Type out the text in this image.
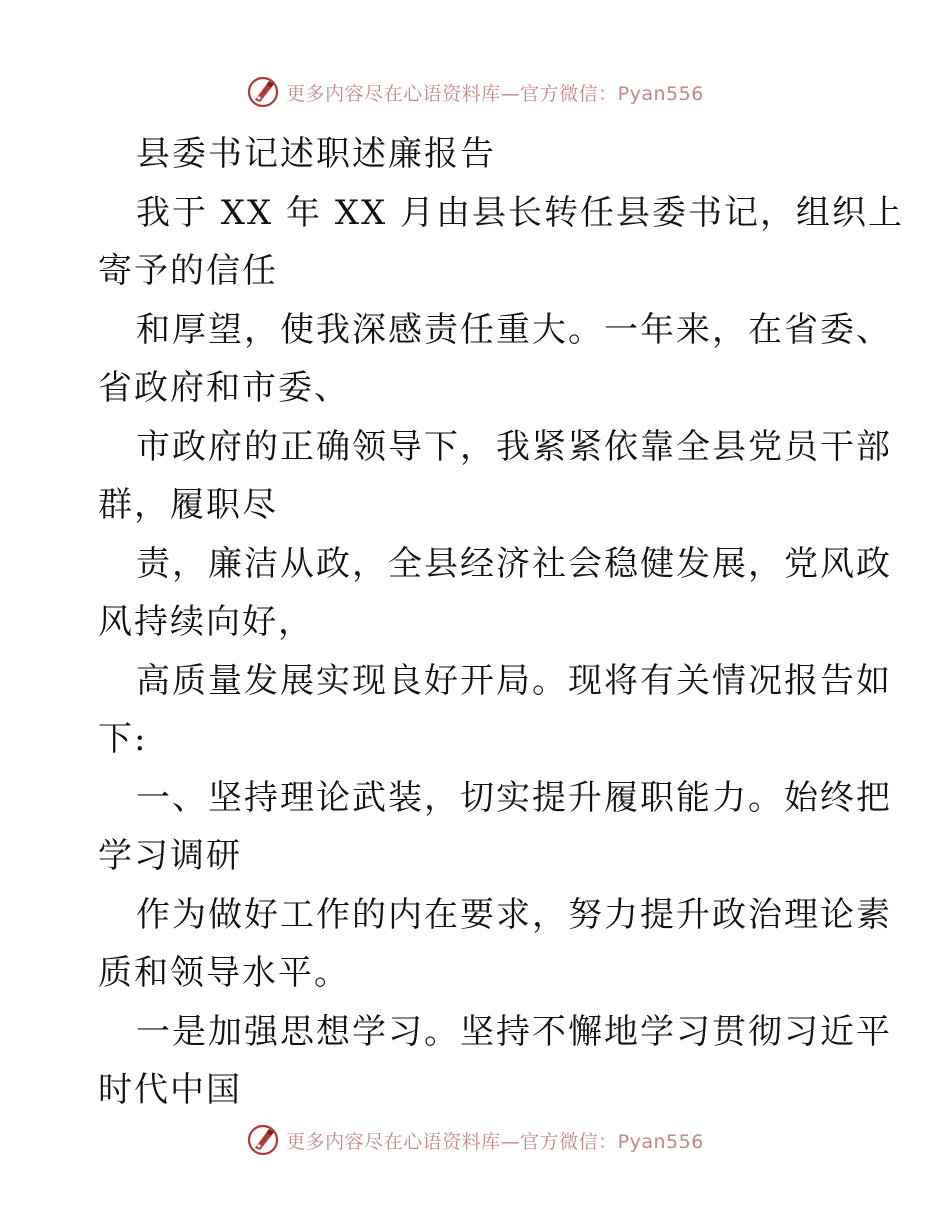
更多内容尽在心语资料库—官方微信：Pyan556
县委书记述职述廉报告
我于 XX 年 XX 月由县长转任县委书记，组织上
寄予的信任
和厚望，使我深感责任重大。一年来，在省委、
省政府和市委、
市政府的正确领导下，我紧紧依靠全县党员干部
群，履职尽
责，廉洁从政，全县经济社会稳健发展，党风政
风持续向好，
高质量发展实现良好开局。现将有关情况报告如
下:
一、坚持理论武装，切实提升履职能力。始终把
学习调研
作为做好工作的内在要求，努力提升政治理论素
质和领导水平。
一是加强思想学习。坚持不懈地学习贯彻习近平
时代中国
更多内容尽在心语资料库—官方微信：Pyan556
